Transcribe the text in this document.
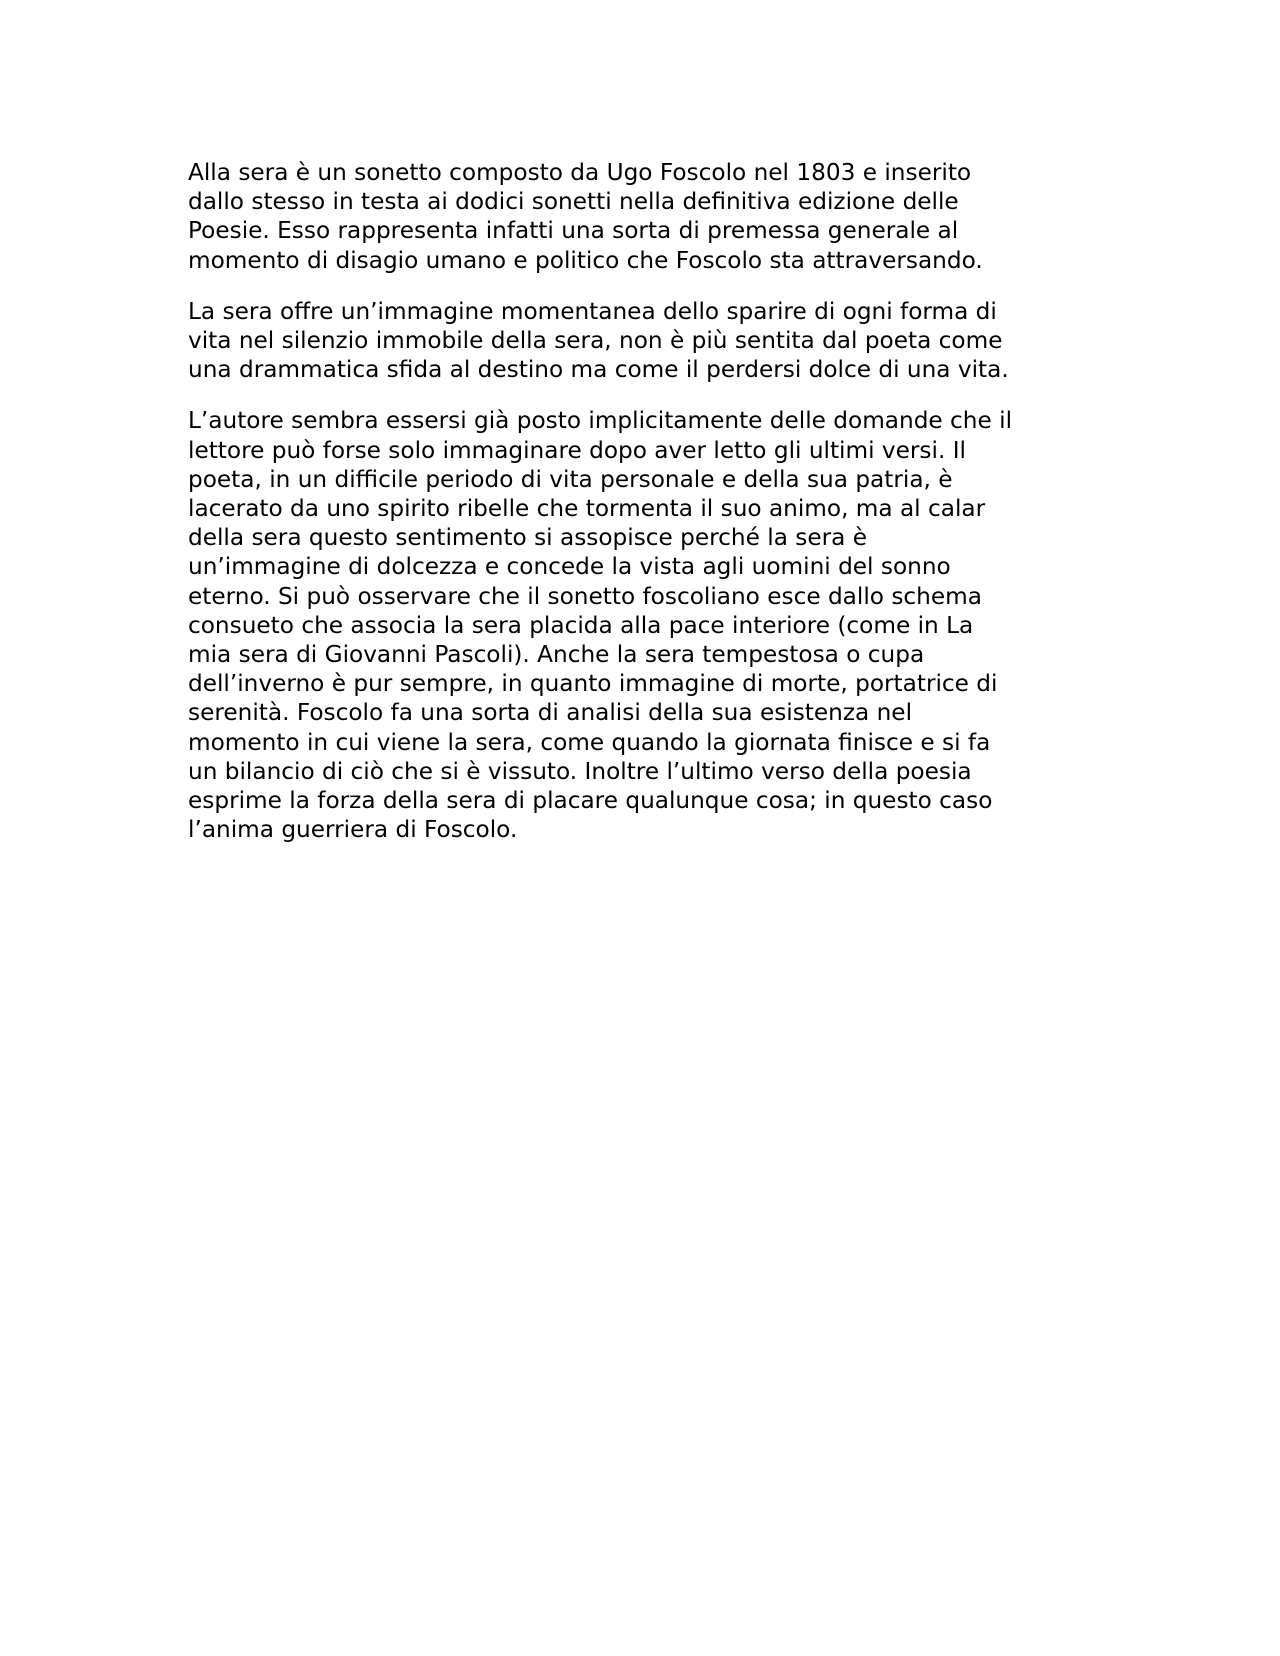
Alla sera è un sonetto composto da Ugo Foscolo nel 1803 e inserito
dallo stesso in testa ai dodici sonetti nella definitiva edizione delle
Poesie. Esso rappresenta infatti una sorta di premessa generale al
momento di disagio umano e politico che Foscolo sta attraversando.

La sera offre un’immagine momentanea dello sparire di ogni forma di
vita nel silenzio immobile della sera, non è più sentita dal poeta come
una drammatica sfida al destino ma come il perdersi dolce di una vita.

L’autore sembra essersi già posto implicitamente delle domande che il
lettore può forse solo immaginare dopo aver letto gli ultimi versi. Il
poeta, in un difficile periodo di vita personale e della sua patria, è
lacerato da uno spirito ribelle che tormenta il suo animo, ma al calar
della sera questo sentimento si assopisce perché la sera è
un’immagine di dolcezza e concede la vista agli uomini del sonno
eterno. Si può osservare che il sonetto foscoliano esce dallo schema
consueto che associa la sera placida alla pace interiore (come in La
mia sera di Giovanni Pascoli). Anche la sera tempestosa o cupa
dell’inverno è pur sempre, in quanto immagine di morte, portatrice di
serenità. Foscolo fa una sorta di analisi della sua esistenza nel
momento in cui viene la sera, come quando la giornata finisce e si fa
un bilancio di ciò che si è vissuto. Inoltre l’ultimo verso della poesia
esprime la forza della sera di placare qualunque cosa; in questo caso
l’anima guerriera di Foscolo.
